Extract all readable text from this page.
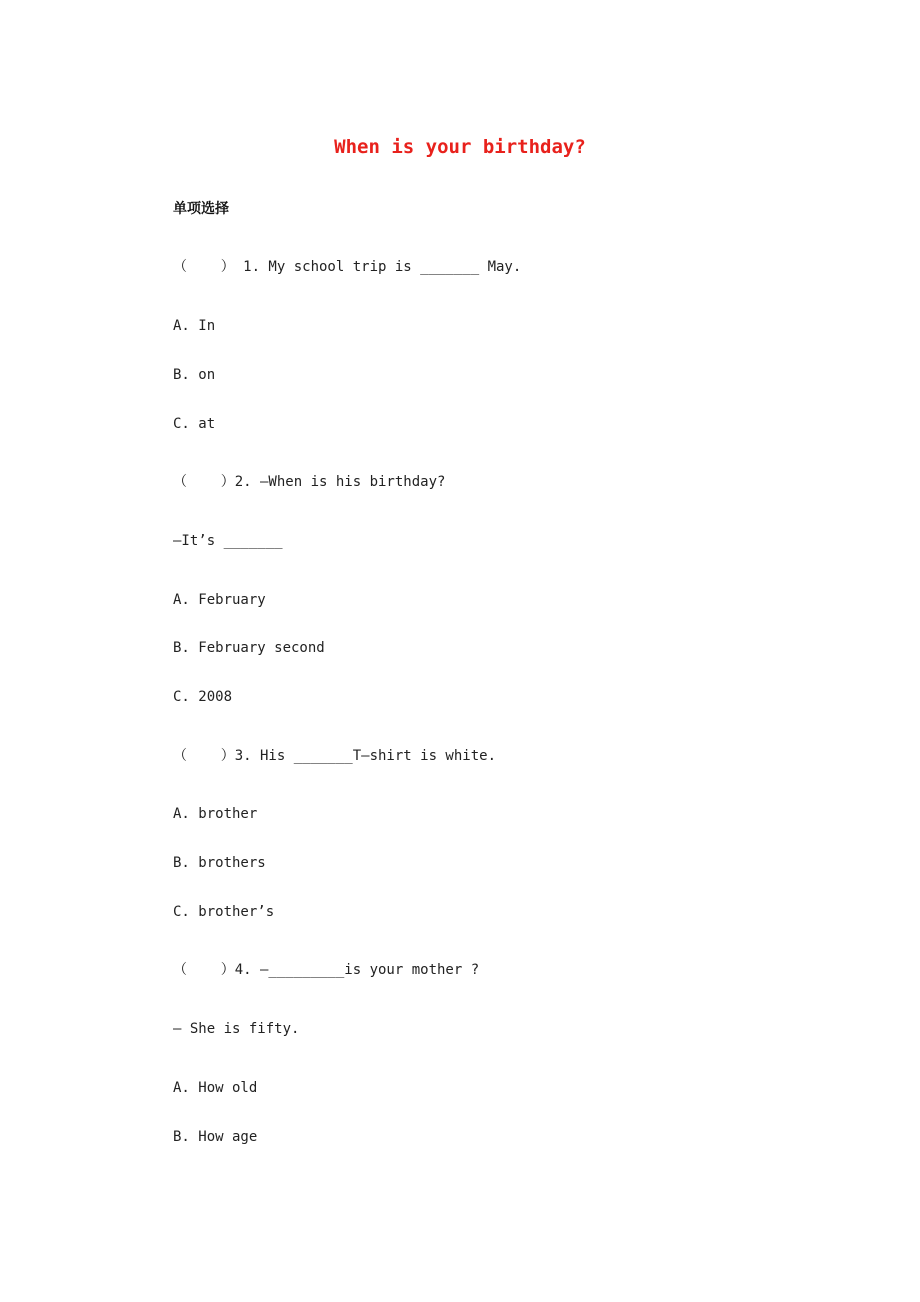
When is your birthday?
单项选择
（    ） 1. My school trip is _______ May.
A. In
B. on
C. at
（    ）2. —When is his birthday?
—It’s _______
A. February
B. February second
C. 2008
（    ）3. His _______T—shirt is white.
A. brother
B. brothers
C. brother’s
（    ）4. —_________is your mother ?
— She is fifty.
A. How old
B. How age
